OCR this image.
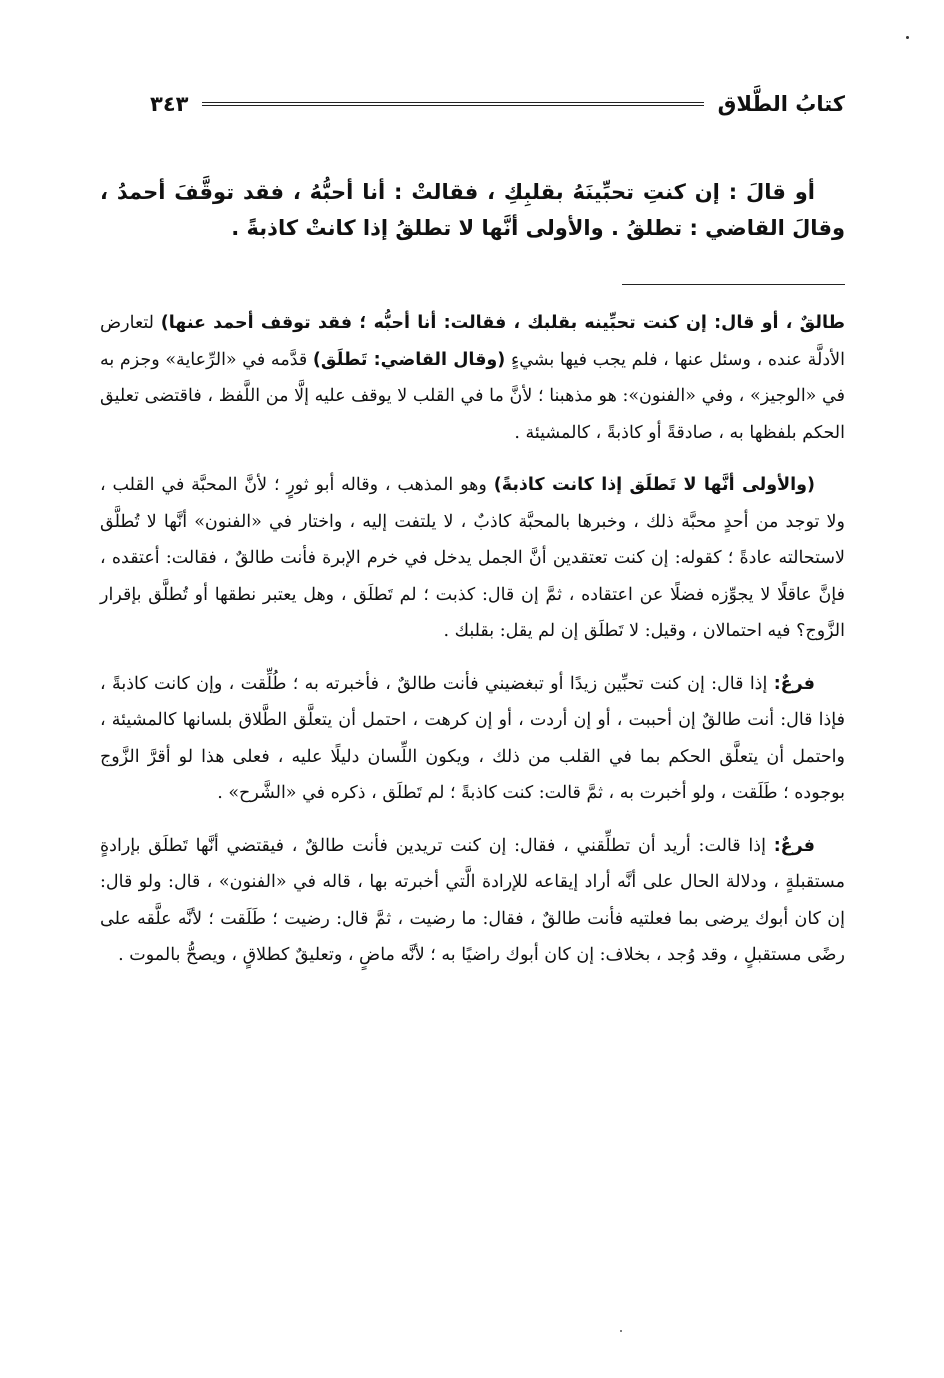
كتابُ الطَّلاق
٣٤٣

أو قالَ : إن كنتِ تحبِّينَهُ بقلبِكِ ، فقالتْ : أنا أحبُّهُ ، فقد توقَّفَ أحمدُ ، وقالَ القاضي : تطلقُ . والأولى أنَّها لا تطلقُ إذا كانتْ كاذبةً .

طالقٌ ، أو قال: إن كنت تحبِّينه بقلبك ، فقالت: أنا أحبُّه ؛ فقد توقف أحمد عنها) لتعارض الأدلَّة عنده ، وسئل عنها ، فلم يجب فيها بشيءٍ (وقال القاضي: تَطلَق) قدَّمه في «الرِّعاية» وجزم به في «الوجيز» ، وفي «الفنون»: هو مذهبنا ؛ لأنَّ ما في القلب لا يوقف عليه إلَّا من اللَّفظ ، فاقتضى تعليق الحكم بلفظها به ، صادقةً أو كاذبةً ، كالمشيئة .

(والأولى أنَّها لا تَطلَق إذا كانت كاذبةً) وهو المذهب ، وقاله أبو ثورٍ ؛ لأنَّ المحبَّة في القلب ، ولا توجد من أحدٍ محبَّة ذلك ، وخبرها بالمحبَّة كاذبٌ ، لا يلتفت إليه ، واختار في «الفنون» أنَّها لا تُطلَّق لاستحالته عادةً ؛ كقوله: إن كنت تعتقدين أنَّ الجمل يدخل في خرم الإبرة فأنت طالقٌ ، فقالت: أعتقده ، فإنَّ عاقلًا لا يجوِّزه فضلًا عن اعتقاده ، ثمَّ إن قال: كذبت ؛ لم تَطلَق ، وهل يعتبر نطقها أو تُطلَّق بإقرار الزَّوج؟ فيه احتمالان ، وقيل: لا تَطلَق إن لم يقل: بقلبك .

فرعٌ: إذا قال: إن كنت تحبِّين زيدًا أو تبغضيني فأنت طالقٌ ، فأخبرته به ؛ طُلِّقت ، وإن كانت كاذبةً ، فإذا قال: أنت طالقٌ إن أحببت ، أو إن أردت ، أو إن كرهت ، احتمل أن يتعلَّق الطَّلاق بلسانها كالمشيئة ، واحتمل أن يتعلَّق الحكم بما في القلب من ذلك ، ويكون اللِّسان دليلًا عليه ، فعلى هذا لو أقرَّ الزَّوج بوجوده ؛ طَلَقت ، ولو أخبرت به ، ثمَّ قالت: كنت كاذبةً ؛ لم تَطلَق ، ذكره في «الشَّرح» .

فرعٌ: إذا قالت: أريد أن تطلِّقني ، فقال: إن كنت تريدين فأنت طالقٌ ، فيقتضي أنَّها تَطلَق بإرادةٍ مستقبلةٍ ، ودلالة الحال على أنَّه أراد إيقاعه للإرادة الَّتي أخبرته بها ، قاله في «الفنون» ، قال: ولو قال: إن كان أبوك يرضى بما فعلتيه فأنت طالقٌ ، فقال: ما رضيت ، ثمَّ قال: رضيت ؛ طَلَقت ؛ لأنَّه علَّقه على رضًى مستقبلٍ ، وقد وُجد ، بخلاف: إن كان أبوك راضيًا به ؛ لأنَّه ماضٍ ، وتعليقٌ كطلاقٍ ، ويصحُّ بالموت .
